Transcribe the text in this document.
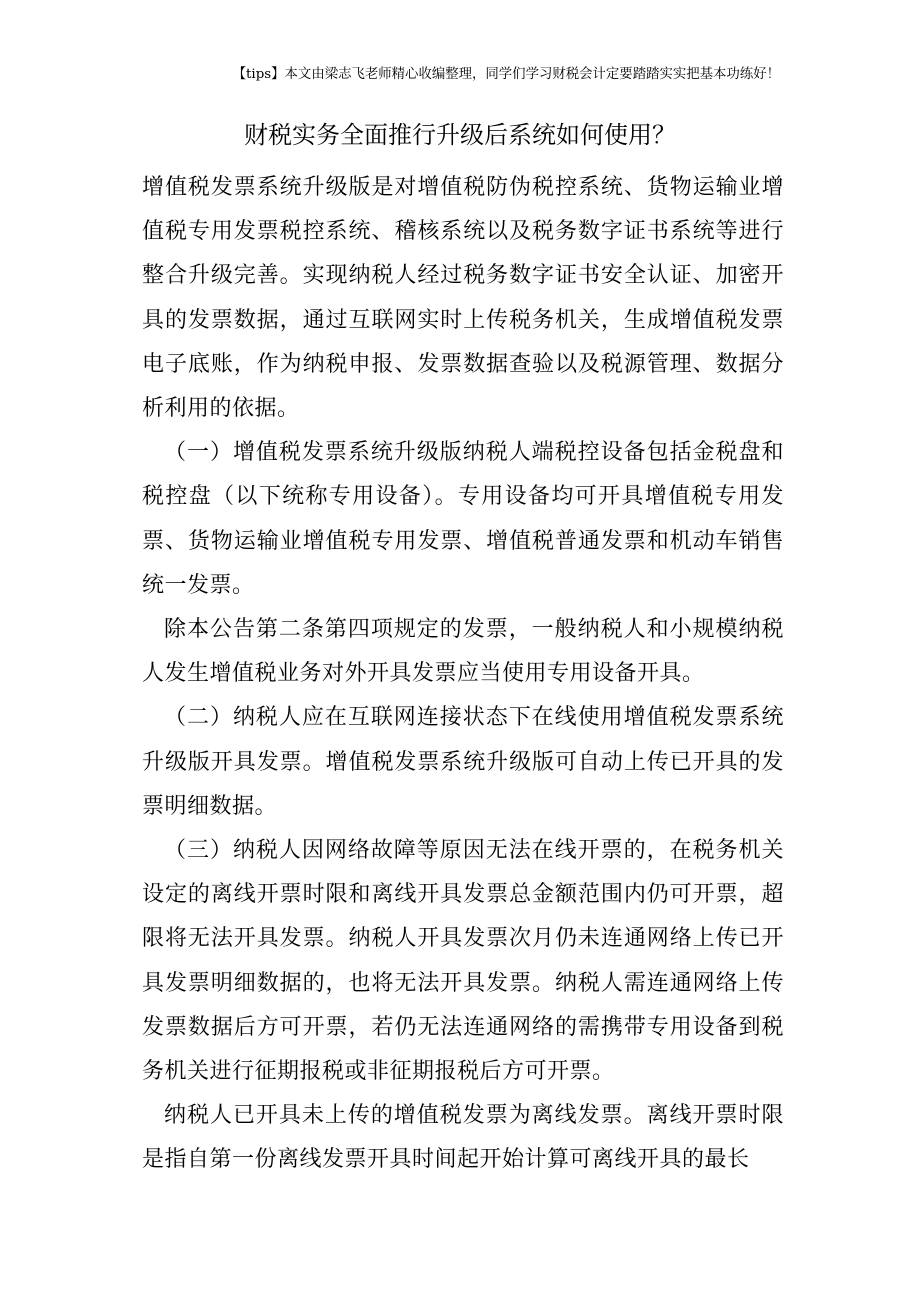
【tips】本文由梁志飞老师精心收编整理，同学们学习财税会计定要踏踏实实把基本功练好！
财税实务全面推行升级后系统如何使用？

增值税发票系统升级版是对增值税防伪税控系统、货物运输业增值税专用发票税控系统、稽核系统以及税务数字证书系统等进行整合升级完善。实现纳税人经过税务数字证书安全认证、加密开具的发票数据，通过互联网实时上传税务机关，生成增值税发票电子底账，作为纳税申报、发票数据查验以及税源管理、数据分析利用的依据。

（一）增值税发票系统升级版纳税人端税控设备包括金税盘和税控盘（以下统称专用设备）。专用设备均可开具增值税专用发票、货物运输业增值税专用发票、增值税普通发票和机动车销售统一发票。

除本公告第二条第四项规定的发票，一般纳税人和小规模纳税人发生增值税业务对外开具发票应当使用专用设备开具。

（二）纳税人应在互联网连接状态下在线使用增值税发票系统升级版开具发票。增值税发票系统升级版可自动上传已开具的发票明细数据。

（三）纳税人因网络故障等原因无法在线开票的，在税务机关设定的离线开票时限和离线开具发票总金额范围内仍可开票，超限将无法开具发票。纳税人开具发票次月仍未连通网络上传已开具发票明细数据的，也将无法开具发票。纳税人需连通网络上传发票数据后方可开票，若仍无法连通网络的需携带专用设备到税务机关进行征期报税或非征期报税后方可开票。

纳税人已开具未上传的增值税发票为离线发票。离线开票时限是指自第一份离线发票开具时间起开始计算可离线开具的最长
